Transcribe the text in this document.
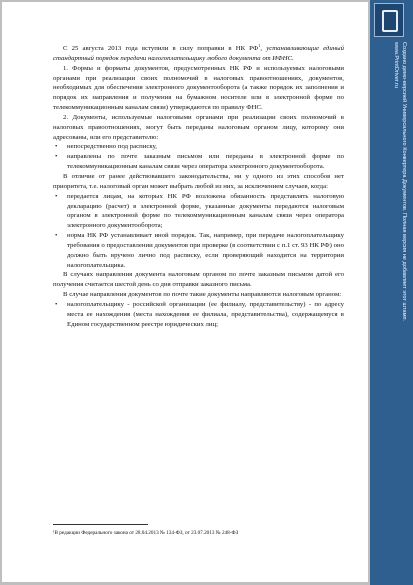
С 25 августа 2013 года вступили в силу поправки в НК $РФ^1$, устанавливающие единый стандартный порядок передачи налогоплательщику любого документа от ИФНС.

1. Формы и форматы документов, предусмотренных НК РФ и используемых налоговыми органами при реализации своих полномочий в налоговых правоотношениях, документов, необходимых для обеспечения электронного документооборота (а также порядок их заполнения и порядок их направления и получения на бумажном носителе или в электронной форме по телекоммуникационным каналам связи) утверждаются по правилу ФНС.

2. Документы, используемые налоговыми органами при реализации своих полномочий в налоговых правоотношениях, могут быть переданы налоговым органом лицу, которому они адресованы, или его представителю:

• непосредственно под расписку,
• направлены по почте заказным письмом или переданы в электронной форме по телекоммуникационным каналам связи через оператора электронного документооборота.

В отличие от ранее действовавшего законодательства, ни у одного из этих способов нет приоритета, т.е. налоговый орган может выбрать любой из них, за исключением случаев, когда:

• передается лицам, на которых НК РФ возложена обязанность представлять налоговую декларацию (расчет) в электронной форме, указанные документы передаются налоговым органом в электронной форме по телекоммуникационным каналам связи через оператора электронного документооборота;
• норма НК РФ устанавливает иной порядок. Так, например, при передаче налогоплательщику требования о предоставлении документов при проверке (в соответствии с п.1 ст. 93 НК РФ) оно должно быть вручено лично под расписку, если проверяющий находится на территории налогоплательщика.

В случаях направления документа налоговым органом по почте заказным письмом датой его получения считается шестой день со дня отправки заказного письма.

В случае направления документов по почте такие документы направляются налоговым органом:

• налогоплательщику - российской организации (ее филиалу, представительству) - по адресу места ее нахождения (места нахождения ее филиала, представительства), содержащемуся в Едином государственном реестре юридических лиц;
¹В редакции Федерального закона от 28.04.2013 № 134-ФЗ, от 23.07.2013 № 248-ФЗ
Создано демо-версией Универсального Конвертера Документов. Полная версия не добавляет этот штамп.
www.PrintDriver.ru
